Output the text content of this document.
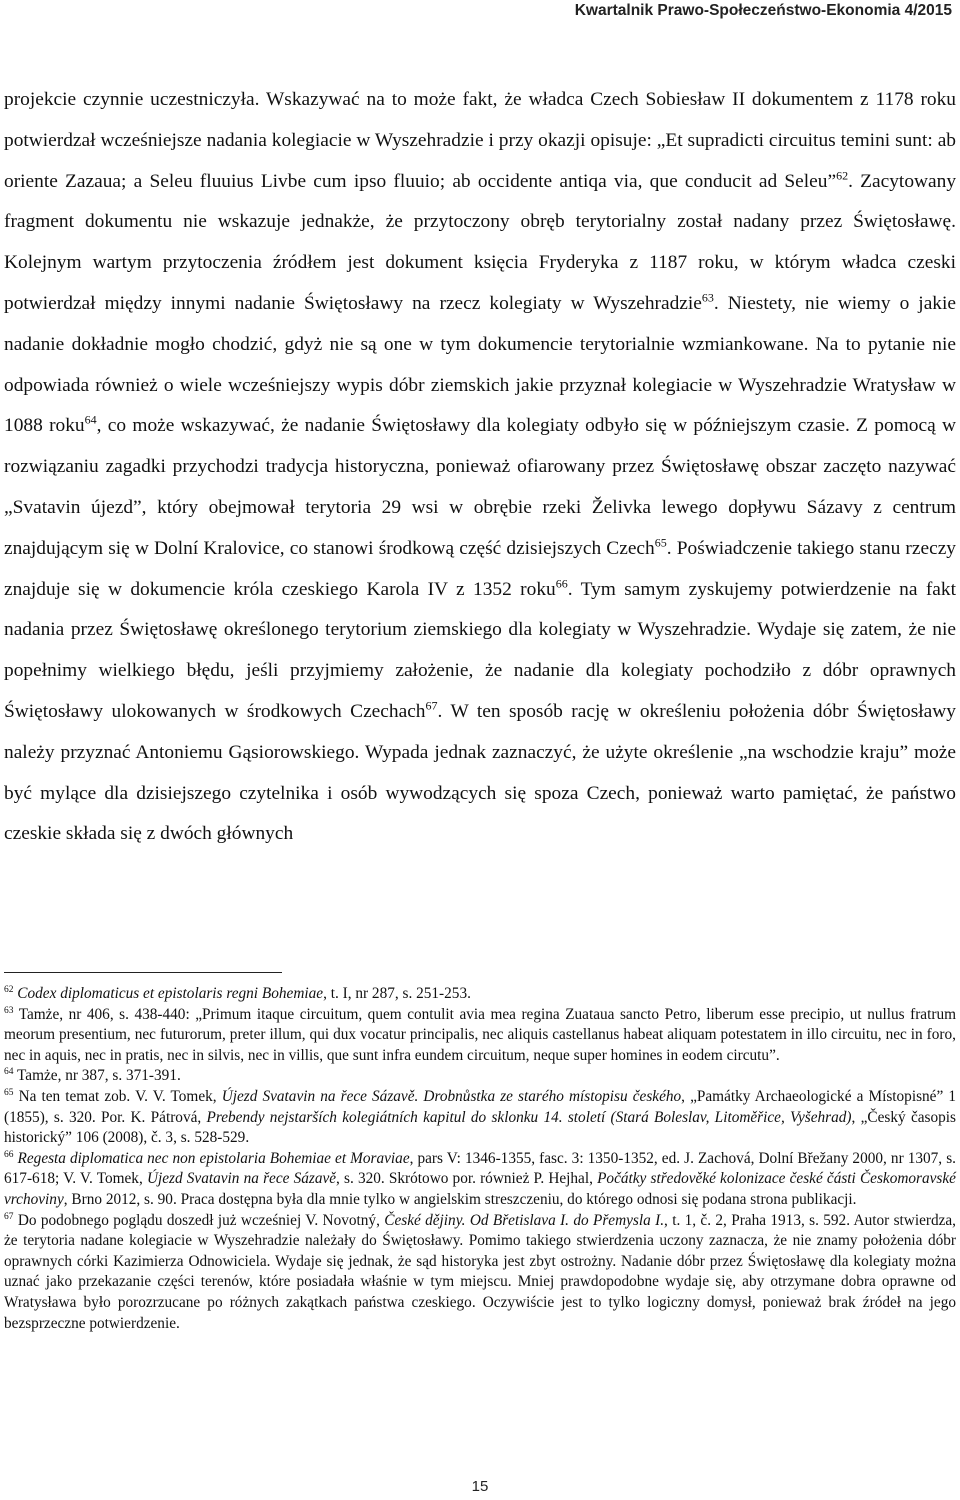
Kwartalnik Prawo-Społeczeństwo-Ekonomia 4/2015

projekcie czynnie uczestniczyła. Wskazywać na to może fakt, że władca Czech Sobiesław II dokumentem z 1178 roku potwierdzał wcześniejsze nadania kolegiacie w Wyszehradzie i przy okazji opisuje: „Et supradicti circuitus temini sunt: ab oriente Zazaua; a Seleu fluuius Livbe cum ipso fluuio; ab occidente antiqa via, que conducit ad Seleu”$^{62}$. Zacytowany fragment dokumentu nie wskazuje jednakże, że przytoczony obręb terytorialny został nadany przez Świętosławę. Kolejnym wartym przytoczenia źródłem jest dokument księcia Fryderyka z 1187 roku, w którym władca czeski potwierdzał między innymi nadanie Świętosławy na rzecz kolegiaty w Wyszehradzie$^{63}$. Niestety, nie wiemy o jakie nadanie dokładnie mogło chodzić, gdyż nie są one w tym dokumencie terytorialnie wzmiankowane. Na to pytanie nie odpowiada również o wiele wcześniejszy wypis dóbr ziemskich jakie przyznał kolegiacie w Wyszehradzie Wratysław w 1088 roku$^{64}$, co może wskazywać, że nadanie Świętosławy dla kolegiaty odbyło się w późniejszym czasie. Z pomocą w rozwiązaniu zagadki przychodzi tradycja historyczna, ponieważ ofiarowany przez Świętosławę obszar zaczęto nazywać „Svatavin újezd”, który obejmował terytoria 29 wsi w obrębie rzeki Želivka lewego dopływu Sázavy z centrum znajdującym się w Dolní Kralovice, co stanowi środkową część dzisiejszych Czech$^{65}$. Poświadczenie takiego stanu rzeczy znajduje się w dokumencie króla czeskiego Karola IV z 1352 roku$^{66}$. Tym samym zyskujemy potwierdzenie na fakt nadania przez Świętosławę określonego terytorium ziemskiego dla kolegiaty w Wyszehradzie. Wydaje się zatem, że nie popełnimy wielkiego błędu, jeśli przyjmiemy założenie, że nadanie dla kolegiaty pochodziło z dóbr oprawnych Świętosławy ulokowanych w środkowych Czechach$^{67}$. W ten sposób rację w określeniu położenia dóbr Świętosławy należy przyznać Antoniemu Gąsiorowskiego. Wypada jednak zaznaczyć, że użyte określenie „na wschodzie kraju” może być mylące dla dzisiejszego czytelnika i osób wywodzących się spoza Czech, ponieważ warto pamiętać, że państwo czeskie składa się z dwóch głównych

$^{62}$ Codex diplomaticus et epistolaris regni Bohemiae, t. I, nr 287, s. 251-253.

$^{63}$ Tamże, nr 406, s. 438-440: „Primum itaque circuitum, quem contulit avia mea regina Zuataua sancto Petro, liberum esse precipio, ut nullus fratrum meorum presentium, nec futurorum, preter illum, qui dux vocatur principalis, nec aliquis castellanus habeat aliquam potestatem in illo circuitu, nec in foro, nec in aquis, nec in pratis, nec in silvis, nec in villis, que sunt infra eundem circuitum, neque super homines in eodem circutu”.

$^{64}$ Tamże, nr 387, s. 371-391.

$^{65}$ Na ten temat zob. V. V. Tomek, Újezd Svatavin na řece Sázavě. Drobnůstka ze starého místopisu českého, „Památky Archaeologické a Místopisné” 1 (1855), s. 320. Por. K. Pátrová, Prebendy nejstarších kolegiátních kapitul do sklonku 14. století (Stará Boleslav, Litoměřice, Vyšehrad), „Český časopis historický” 106 (2008), č. 3, s. 528-529.

$^{66}$ Regesta diplomatica nec non epistolaria Bohemiae et Moraviae, pars V: 1346-1355, fasc. 3: 1350-1352, ed. J. Zachová, Dolní Břežany 2000, nr 1307, s. 617-618; V. V. Tomek, Újezd Svatavin na řece Sázavě, s. 320. Skrótowo por. również P. Hejhal, Počátky středověké kolonizace české části Českomoravské vrchoviny, Brno 2012, s. 90. Praca dostępna była dla mnie tylko w angielskim streszczeniu, do którego odnosi się podana strona publikacji.

$^{67}$ Do podobnego poglądu doszedł już wcześniej V. Novotný, České dějiny. Od Břetislava I. do Přemysla I., t. 1, č. 2, Praha 1913, s. 592. Autor stwierdza, że terytoria nadane kolegiacie w Wyszehradzie należały do Świętosławy. Pomimo takiego stwierdzenia uczony zaznacza, że nie znamy położenia dóbr oprawnych córki Kazimierza Odnowiciela. Wydaje się jednak, że sąd historyka jest zbyt ostrożny. Nadanie dóbr przez Świętosławę dla kolegiaty można uznać jako przekazanie części terenów, które posiadała właśnie w tym miejscu. Mniej prawdopodobne wydaje się, aby otrzymane dobra oprawne od Wratysława było porozrzucane po różnych zakątkach państwa czeskiego. Oczywiście jest to tylko logiczny domysł, ponieważ brak źródeł na jego bezsprzeczne potwierdzenie.

15
